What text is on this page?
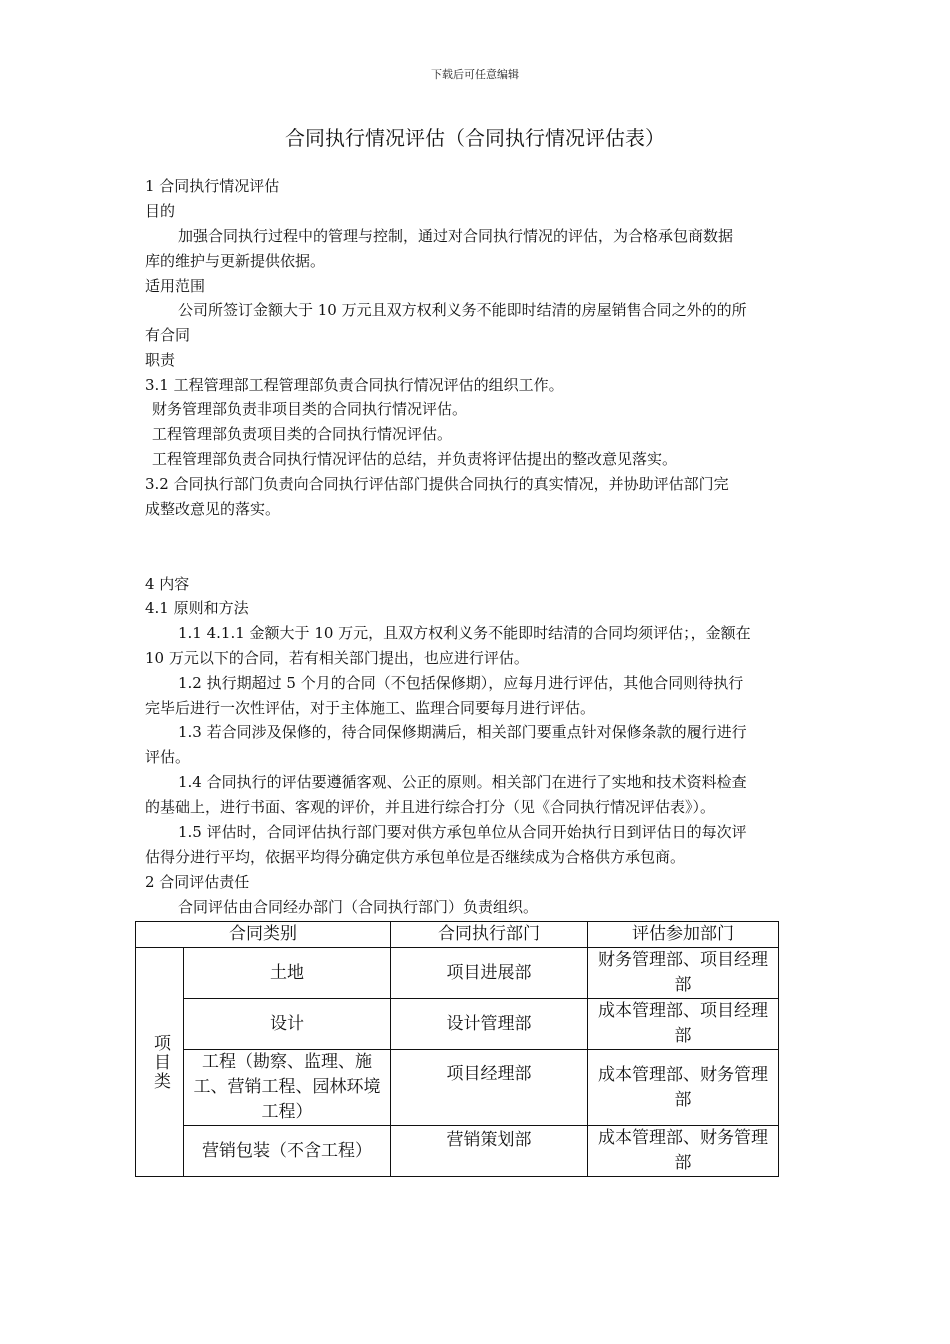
下载后可任意编辑
合同执行情况评估（合同执行情况评估表）
1 合同执行情况评估
目的
加强合同执行过程中的管理与控制，通过对合同执行情况的评估，为合格承包商数据
库的维护与更新提供依据。
适用范围
公司所签订金额大于 10 万元且双方权利义务不能即时结清的房屋销售合同之外的的所
有合同
职责
3.1 工程管理部工程管理部负责合同执行情况评估的组织工作。
财务管理部负责非项目类的合同执行情况评估。
工程管理部负责项目类的合同执行情况评估。
工程管理部负责合同执行情况评估的总结，并负责将评估提出的整改意见落实。
3.2 合同执行部门负责向合同执行评估部门提供合同执行的真实情况，并协助评估部门完
成整改意见的落实。
4 内容
4.1 原则和方法
1.1 4.1.1 金额大于 10 万元，且双方权利义务不能即时结清的合同均须评估；，金额在
10 万元以下的合同，若有相关部门提出，也应进行评估。
1.2 执行期超过 5 个月的合同（不包括保修期），应每月进行评估，其他合同则待执行
完毕后进行一次性评估，对于主体施工、监理合同要每月进行评估。
1.3 若合同涉及保修的，待合同保修期满后，相关部门要重点针对保修条款的履行进行
评估。
1.4 合同执行的评估要遵循客观、公正的原则。相关部门在进行了实地和技术资料检查
的基础上，进行书面、客观的评价，并且进行综合打分（见《合同执行情况评估表》）。
1.5 评估时，合同评估执行部门要对供方承包单位从合同开始执行日到评估日的每次评
估得分进行平均，依据平均得分确定供方承包单位是否继续成为合格供方承包商。
2 合同评估责任
合同评估由合同经办部门（合同执行部门）负责组织。
合同类别		合同执行部门	评估参加部门
项目类	土地	项目进展部	财务管理部、项目经理部
	设计	设计管理部	成本管理部、项目经理部
	工程（勘察、监理、施工、营销工程、园林环境工程）	项目经理部	成本管理部、财务管理部
	营销包装（不含工程）	营销策划部	成本管理部、财务管理部
